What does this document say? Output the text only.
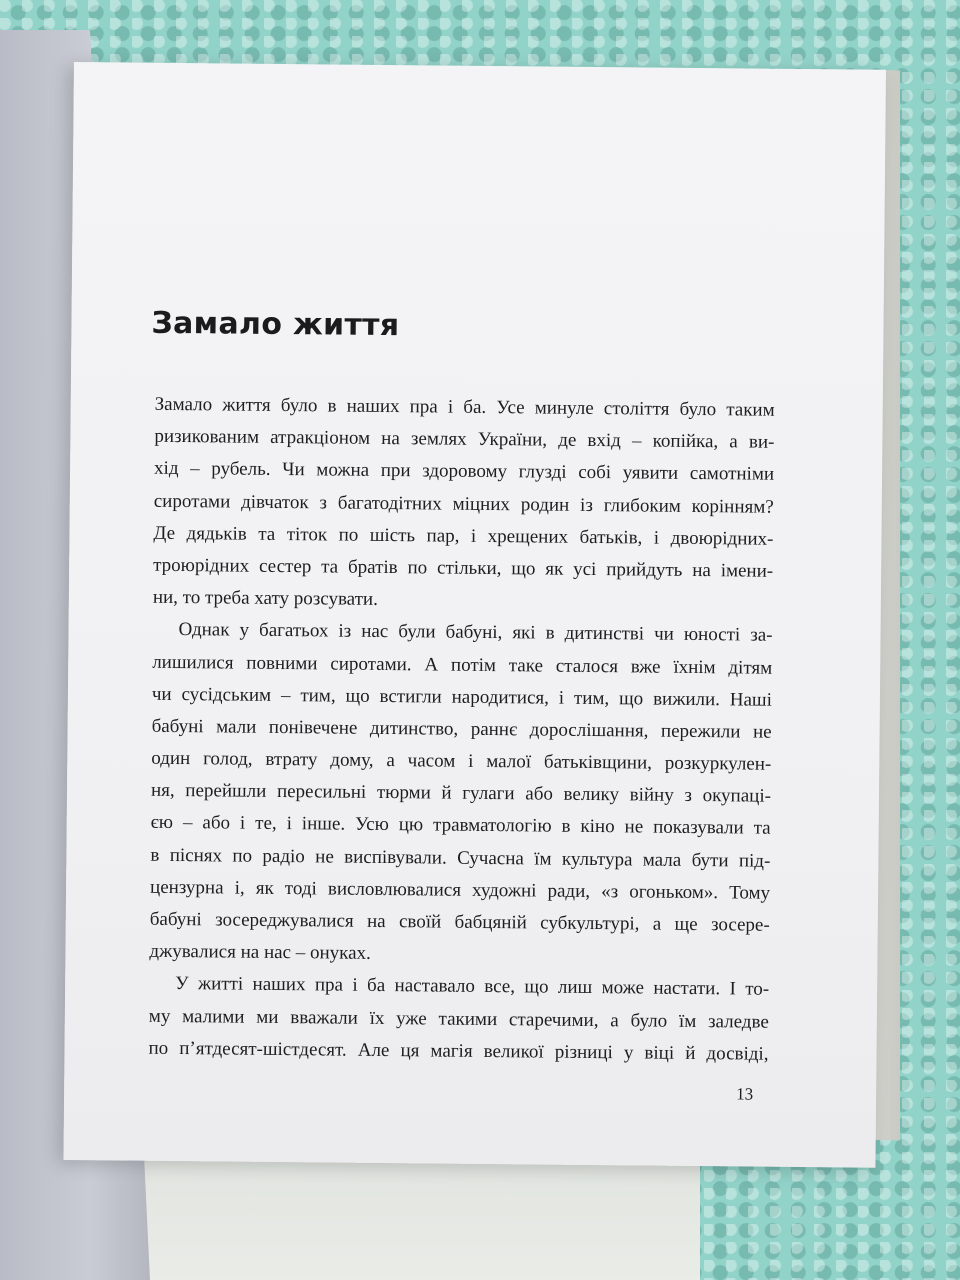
Замало життя
Замало життя було в наших пра і ба. Усе минуле століття було таким
ризикованим атракціоном на землях України, де вхід – копійка, а ви-
хід – рубель. Чи можна при здоровому глузді собі уявити самотніми
сиротами дівчаток з багатодітних міцних родин із глибоким корінням?
Де дядьків та тіток по шість пар, і хрещених батьків, і двоюрідних-
троюрідних сестер та братів по стільки, що як усі прийдуть на імени-
ни, то треба хату розсувати.
Однак у багатьох із нас були бабуні, які в дитинстві чи юності за-
лишилися повними сиротами. А потім таке сталося вже їхнім дітям
чи сусідським – тим, що встигли народитися, і тим, що вижили. Наші
бабуні мали понівечене дитинство, раннє дорослішання, пережили не
один голод, втрату дому, а часом і малої батьківщини, розкуркулен-
ня, перейшли пересильні тюрми й гулаги або велику війну з окупаці-
єю – або і те, і інше. Усю цю травматологію в кіно не показували та
в піснях по радіо не виспівували. Сучасна їм культура мала бути під-
цензурна і, як тоді висловлювалися художні ради, «з огоньком». Тому
бабуні зосереджувалися на своїй бабцяній субкультурі, а ще зосере-
джувалися на нас – онуках.
У житті наших пра і ба наставало все, що лиш може настати. І то-
му малими ми вважали їх уже такими старечими, а було їм заледве
по п’ятдесят-шістдесят. Але ця магія великої різниці у віці й досвіді,
13
